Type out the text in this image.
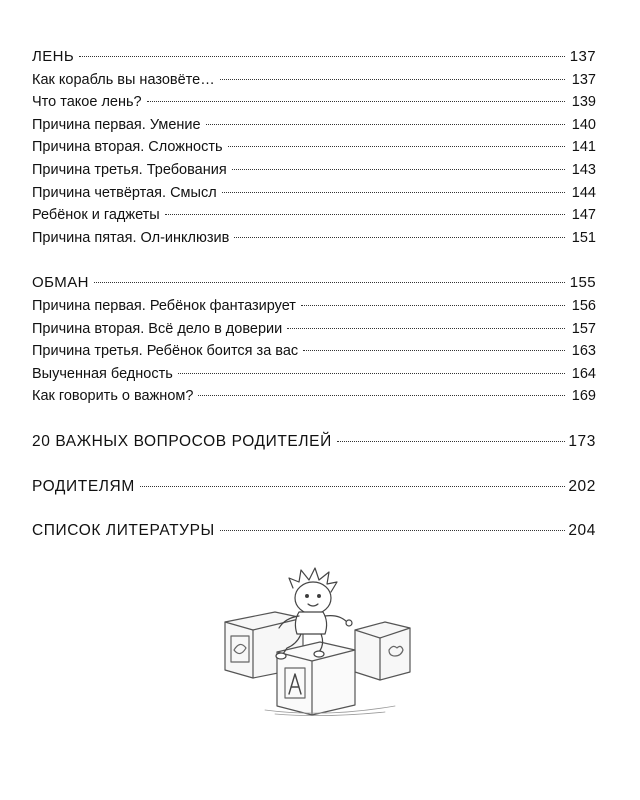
ЛЕНЬ	137
Как корабль вы назовёте…	137
Что такое лень?	139
Причина первая. Умение	140
Причина вторая. Сложность	141
Причина третья. Требования	143
Причина четвёртая. Смысл	144
Ребёнок и гаджеты	147
Причина пятая. Ол-инклюзив	151
ОБМАН	155
Причина первая. Ребёнок фантазирует	156
Причина вторая. Всё дело в доверии	157
Причина третья. Ребёнок боится за вас	163
Выученная бедность	164
Как говорить о важном?	169
20 ВАЖНЫХ ВОПРОСОВ РОДИТЕЛЕЙ	173
РОДИТЕЛЯМ	202
СПИСОК ЛИТЕРАТУРЫ	204
